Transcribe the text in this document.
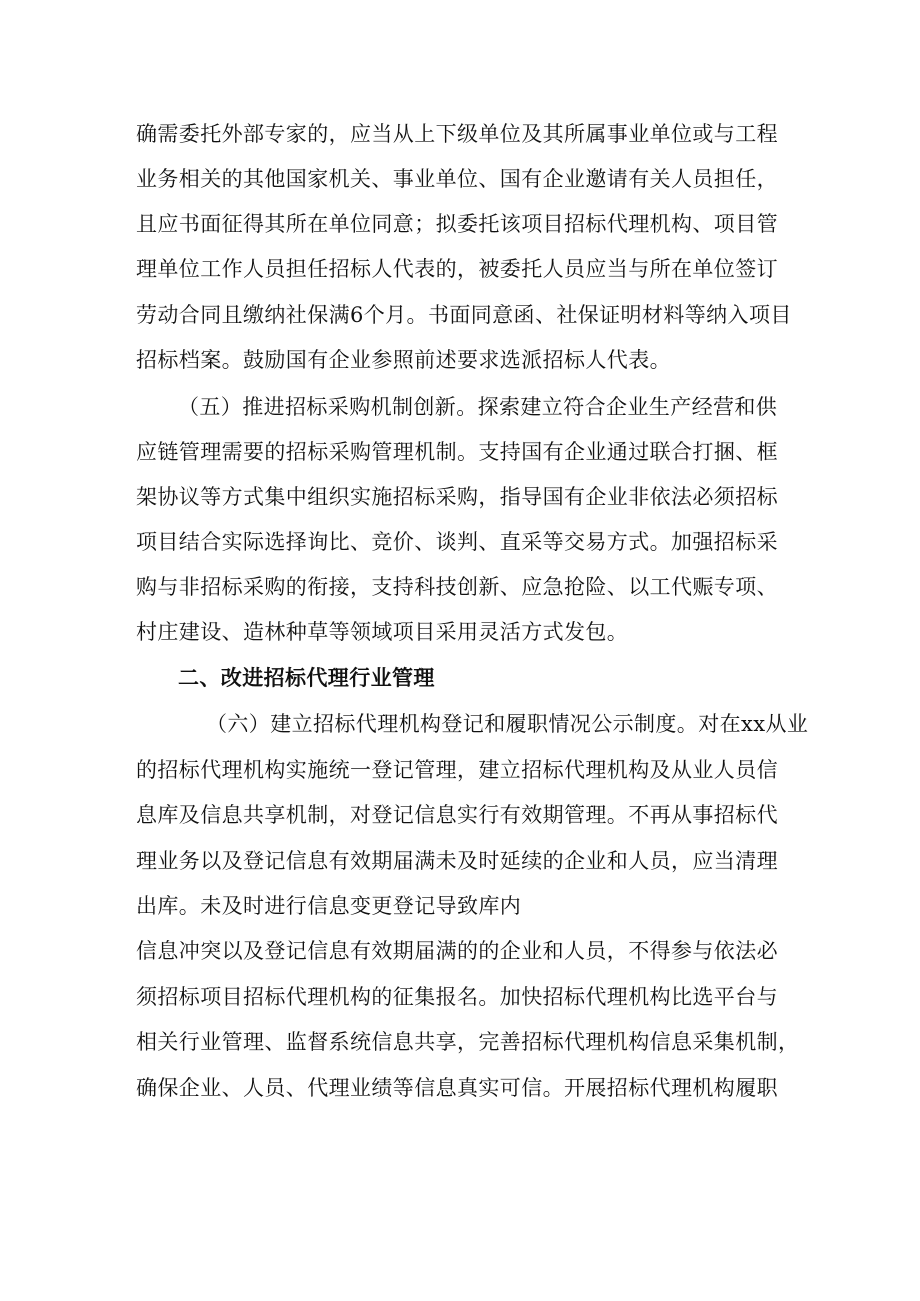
确需委托外部专家的，应当从上下级单位及其所属事业单位或与工程
业务相关的其他国家机关、事业单位、国有企业邀请有关人员担任，
且应书面征得其所在单位同意；拟委托该项目招标代理机构、项目管
理单位工作人员担任招标人代表的，被委托人员应当与所在单位签订
劳动合同且缴纳社保满6个月。书面同意函、社保证明材料等纳入项目
招标档案。鼓励国有企业参照前述要求选派招标人代表。
（五）推进招标采购机制创新。探索建立符合企业生产经营和供
应链管理需要的招标采购管理机制。支持国有企业通过联合打捆、框
架协议等方式集中组织实施招标采购，指导国有企业非依法必须招标
项目结合实际选择询比、竞价、谈判、直采等交易方式。加强招标采
购与非招标采购的衔接，支持科技创新、应急抢险、以工代赈专项、
村庄建设、造林种草等领域项目采用灵活方式发包。
二、改进招标代理行业管理
（六）建立招标代理机构登记和履职情况公示制度。对在xx从业
的招标代理机构实施统一登记管理，建立招标代理机构及从业人员信
息库及信息共享机制，对登记信息实行有效期管理。不再从事招标代
理业务以及登记信息有效期届满未及时延续的企业和人员，应当清理
出库。未及时进行信息变更登记导致库内
信息冲突以及登记信息有效期届满的的企业和人员，不得参与依法必
须招标项目招标代理机构的征集报名。加快招标代理机构比选平台与
相关行业管理、监督系统信息共享，完善招标代理机构信息采集机制，
确保企业、人员、代理业绩等信息真实可信。开展招标代理机构履职
